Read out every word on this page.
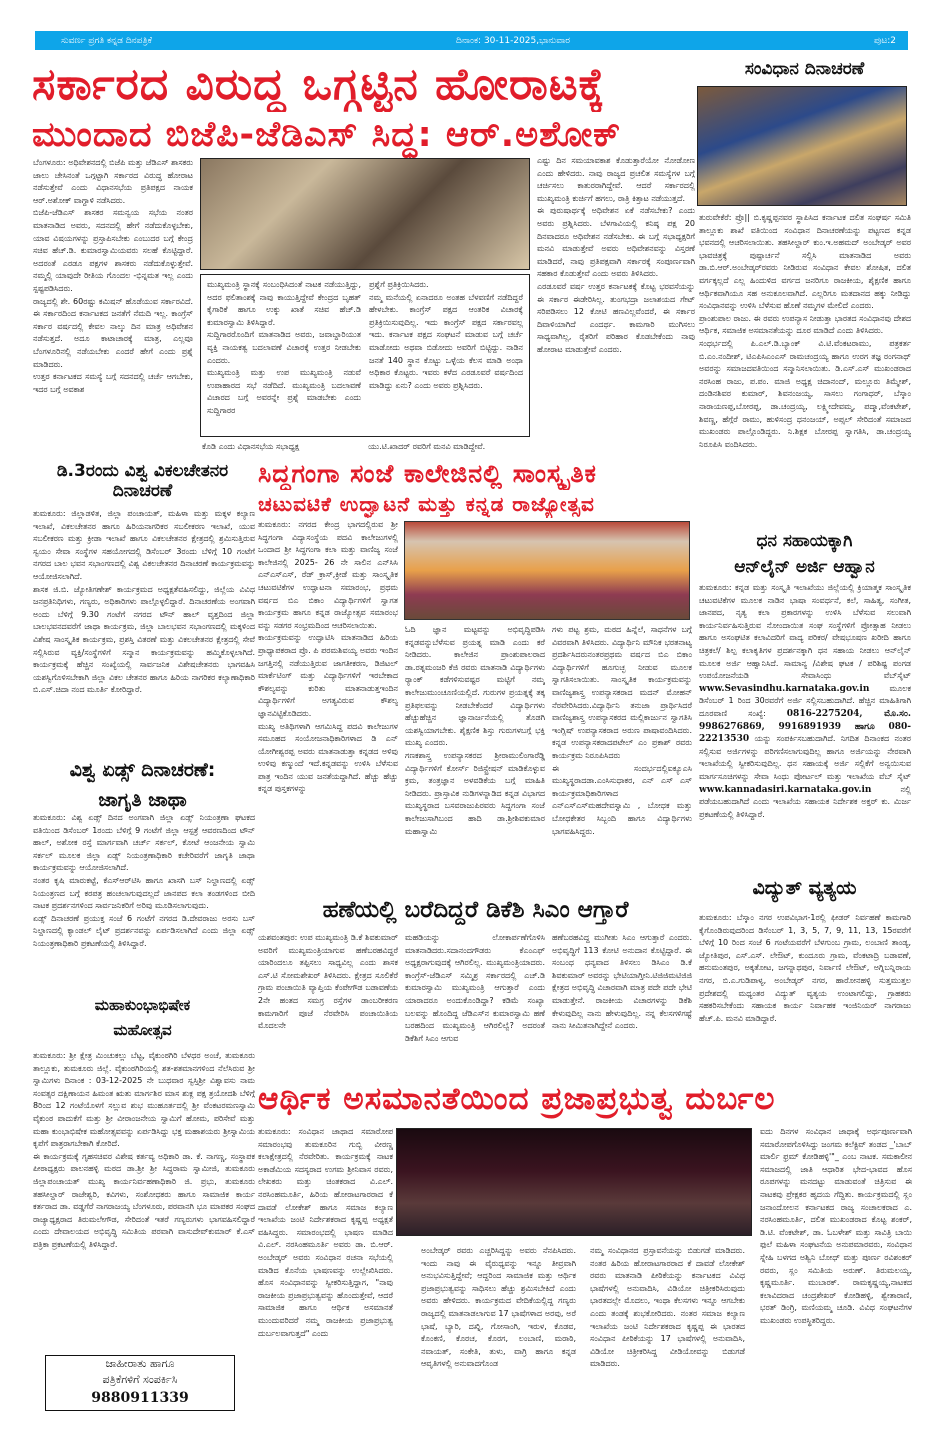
ಸುವರ್ಣ ಪ್ರಗತಿ ಕನ್ನಡ ದಿನಪತ್ರಿಕೆ	ದಿನಾಂಕ: 30-11-2025,ಭಾನುವಾರ	ಪುಟ:2
ಸರ್ಕಾರದ ವಿರುದ್ಧ ಒಗ್ಗಟ್ಟಿನ ಹೋರಾಟಕ್ಕೆ
ಮುಂದಾದ ಬಿಜೆಪಿ-ಜೆಡಿಎಸ್ ಸಿದ್ಧ: ಆರ್.ಅಶೋಕ್

ಬೆಂಗಳೂರು: ಅಧಿವೇಶನದಲ್ಲಿ ಬಿಜೆಪಿ ಮತ್ತು ಜೆಡಿಎಸ್ ಶಾಸಕರು ಜಾಲು ಚೇಸಿನಂತೆ ಒಗ್ಗಟ್ಟಾಗಿ ಸರ್ಕಾರದ ವಿರುದ್ಧ ಹೋರಾಟ ನಡೆಸುತ್ತೇವೆ ಎಂದು ವಿಧಾನಸಭೆಯ ಪ್ರತಿಪಕ್ಷದ ನಾಯಕ ಆರ್.ಅಶೋಕ್ ವಾಗ್ದಾಳಿ ನಡೆಸಿದರು.

ಬಿಜೆಪಿ-ಜೆಡಿಎಸ್ ಶಾಸಕರ ಸಮನ್ವಯ ಸಭೆಯ ನಂತರ ಮಾತನಾಡಿದ ಅವರು, ಸದನದಲ್ಲಿ ಹೇಗೆ ನಡೆದುಕೊಳ್ಳಬೇಕು, ಯಾವ ವಿಷಯಗಳನ್ನು ಪ್ರಸ್ತಾಪಿಸಬೇಕು ಎಂಬುದರ ಬಗ್ಗೆ ಕೇಂದ್ರ ಸಚಿವ ಹೆಚ್.ಡಿ. ಕುಮಾರಸ್ವಾಮಿಯವರು ಸಲಹೆ ಕೊಟ್ಟಿದ್ದಾರೆ. ಅದರಂತೆ ಎರಡೂ ಪಕ್ಷಗಳ ಶಾಸಕರು ನಡೆದುಕೊಳ್ಳುತ್ತೇವೆ. ನಮ್ಮಲ್ಲಿ ಯಾವುದೇ ರೀತಿಯ ಗೊಂದಲ -ಭಿನ್ನಮತ ಇಲ್ಲ ಎಂದು ಸ್ಪಷ್ಟಪಡಿಸಿದರು.

ರಾಜ್ಯದಲ್ಲಿ ಶೇ. 60ರಷ್ಟು ಕಮಿಷನ್ ಹೊಡೆಯುವ ಸರ್ಕಾರವಿದೆ. ಈ ಸರ್ಕಾರದಿಂದ ಕರ್ನಾಟಕದ ಜನತೆಗೆ ನೆಮದಿ ಇಲ್ಲ. ಕಾಂಗ್ರೆಸ್ ಸರ್ಕಾರ ವರ್ಷದಲ್ಲಿ ಕೇವಲ ನಾಲ್ಕು ದಿನ ಮಾತ್ರ ಅಧಿವೇಶನ ನಡೆಸುತ್ತದೆ. ಅದೂ ಕಾಟಾಚಾರಕ್ಕೆ ಮಾತ್ರ, ಎಲ್ಲವೂ ಬೆಂಗಳೂರಿನಲ್ಲಿ ನಡೆಯಬೇಕು ಎಂದರೆ ಹೇಗೆ ಎಂದು ಪ್ರಶ್ನೆ ಮಾಡಿದರು.

ಉತ್ತರ ಕರ್ನಾಟಕದ ಸಮಸ್ಯೆ ಬಗ್ಗೆ ಸದನದಲ್ಲಿ ಚರ್ಚೆ ಆಗಬೇಕು, ಇದರ ಬಗ್ಗೆ ಅವಕಾಶ

ಮುಖ್ಯಮಂತ್ರಿ ಸ್ಥಾನಕ್ಕೆ ಸಂಬಂಧಿಸಿದಂತೆ ನಾಟಕ ನಡೆಯುತ್ತಿದ್ದು, ಅದರ ಫಲಿತಾಂಶಕ್ಕೆ ನಾವು ಕಾಯುತ್ತಿದ್ದೇವೆ ಕೇಂದ್ರದ ಬೃಹತ್ ಕೈಗಾರಿಕೆ ಹಾಗೂ ಉಕ್ಕು ಖಾತೆ ಸಚಿವ ಹೆಚ್.ಡಿ ಕುಮಾರಸ್ವಾಮಿ ತಿಳಿಸಿದ್ದಾರೆ.

ಸುದ್ದಿಗಾರರೊಂದಿಗೆ ಮಾತನಾಡಿದ ಅವರು, ಜವಾಬ್ದಾರಿಯುತ ವ್ಯಕ್ತಿ ನಾಯಕತ್ವ ಬದಲಾವಣೆ ವಿಚಾರಕ್ಕೆ ಉತ್ತರ ನೀಡಬೇಕು ಎಂದರು.

ಮುಖ್ಯಮಂತ್ರಿ ಮತ್ತು ಉಪ ಮುಖ್ಯಮಂತ್ರಿ ನಡುವೆ ಉಪಾಹಾರದ ಸಭೆ ನಡೆದಿದೆ. ಮುಖ್ಯಮಂತ್ರಿ ಬದಲಾವಣೆ ವಿಚಾರದ ಬಗ್ಗೆ ಅವರನ್ನೇ ಪ್ರಶ್ನೆ ಮಾಡಬೇಕು ಎಂದು ಸುದ್ದಿಗಾರರ

ಪ್ರಶ್ನೆಗೆ ಪ್ರತಿಕ್ರಿಯಿಸಿದರು.

ನಮ್ಮ ಮನೆಯಲ್ಲಿ ಏನಾದರೂ ಅಂತಹ ಬೆಳವಣಿಗೆ ನಡೆದಿದ್ದರೆ ಹೇಳಬೇಕು. ಕಾಂಗ್ರೆಸ್ ಪಕ್ಷದ ಆಂತರಿಕ ವಿಚಾರಕ್ಕೆ ಪ್ರತಿಕ್ರಿಯಿಸುವುದಿಲ್ಲ. ಇದು ಕಾಂಗ್ರೆಸ್ ಪಕ್ಷದ ಸರ್ಕಾರವಲ್ಲ ಇದು. ಕರ್ನಾಟಕ ಪಕ್ಷದ ಸಂಘಟನೆ ಮಾಡುವ ಬಗ್ಗೆ ಚರ್ಚೆ ಮಾಡೋದು ಅಥವಾ ಬಿಡೋದು ಅವರಿಗೆ ಬಿಟ್ಟಿದ್ದು. ನಾಡಿನ ಜನತೆ 140 ಸ್ಥಾನ ಕೊಟ್ಟು ಒಳ್ಳೆಯ ಕೆಲಸ ಮಾಡಿ ಅಂಥಾ ಅಧಿಕಾರ ಕೊಟ್ಟರು. ಇವರು ಕಳೆದ ಎರಡೂವರೆ ವರ್ಷದಿಂದ ಮಾಡಿದ್ದು ಏನು? ಎಂದು ಅವರು ಪ್ರಶ್ನಿಸಿದರು.

ಕೊಡಿ ಎಂದು ವಿಧಾನಸಭೆಯ ಸಭಾಧ್ಯಕ್ಷ	ಯು.ಟಿ.ಖಾದರ್ ರವರಿಗೆ ಮನವಿ ಮಾಡಿದ್ದೇವೆ.

ಎಷ್ಟು ದಿನ ಸಮಯಾವಕಾಶ ಕೊಡುತ್ತಾರೆಯೋ ನೋಡೋಣ ಎಂದು ಹೇಳಿದರು. ನಾವು ರಾಜ್ಯದ ಪ್ರಚಲಿತ ಸಮಸ್ಯೆಗಳ ಬಗ್ಗೆ ಚರ್ಚಿಸಲು ಕಾತುರರಾಗಿದ್ದೇವೆ. ಆದರೆ ಸರ್ಕಾರದಲ್ಲಿ ಮುಖ್ಯಮಂತ್ರಿ ಕುರ್ಚಿಗೆ ಹಗಲು, ರಾತ್ರಿ ಕಿತ್ತಾಟ ನಡೆಯುತ್ತದೆ.

ಈ ಪುರುಷಾರ್ಥಕ್ಕೆ ಅಧಿವೇಶನ ಏಕೆ ನಡೆಸಬೇಕು? ಎಂದು ಅವರು ಪ್ರಶ್ನಿಸಿದರು. ಬೆಳಗಾವಿಯಲ್ಲಿ ಕನಿಷ್ಠ ಪಕ್ಷ 20 ದಿನವಾದರೂ ಅಧಿವೇಶನ ನಡೆಸಬೇಕು. ಈ ಬಗ್ಗೆ ಸಭಾಧ್ಯಕ್ಷರಿಗೆ ಮನವಿ ಮಾಡುತ್ತೇವೆ ಅವರು ಅಧಿವೇಶನವನ್ನು ವಿಸ್ತರಣೆ ಮಾಡಿದರೆ, ನಾವು ಪ್ರತಿಪಕ್ಷವಾಗಿ ಸರ್ಕಾರಕ್ಕೆ ಸಂಪೂರ್ಣವಾಗಿ ಸಹಕಾರ ಕೊಡುತ್ತೇವೆ ಎಂದು ಅವರು ತಿಳಿಸಿದರು.

ಎರಡೂವರೆ ವರ್ಷ ಉತ್ತರ ಕರ್ನಾಟಕಕ್ಕೆ ಕೊಟ್ಟ ಭರವಸೆಯನ್ನು ಈ ಸರ್ಕಾರ ಈಡೇರಿಸಿಲ್ಲ. ತುಂಗಭದ್ರಾ ಜಲಾಶಯದ ಗೇಟ್ ಸರಿಪಡಿಸಲು 12 ಕೋಟಿ ಹಣವಿಲ್ಲವೆಂದರೆ, ಈ ಸರ್ಕಾರ ದಿವಾಳಿಯಾಗಿದೆ ಎಂದರ್ಥ. ಕಾಮಗಾರಿ ಮುಗಿಸಲು ಸಾಧ್ಯವಾಗಿಲ್ಲ, ರೈತರಿಗೆ ಪರಿಹಾರ ಕೊಡಬೇಕೆಂದು ನಾವು ಹೋರಾಟ ಮಾಡುತ್ತೇವೆ ಎಂದರು.

ಸಂವಿಧಾನ ದಿನಾಚರಣೆ

ತುರುವೇಕೆರೆ: ಪ್ರೊ|| ಬಿ.ಕೃಷ್ಣಪ್ಪನವರ ಸ್ಥಾಪಿಸಿದ ಕರ್ನಾಟಕ ದಲಿತ ಸಂಘರ್ಷ ಸಮಿತಿ ತಾಲ್ಲೂಕು ಶಾಖೆ ವತಿಯಿಂದ ಸಂವಿಧಾನ ದಿನಾಚರಣೆಯನ್ನು ಪಟ್ಟಣದ ಕನ್ನಡ ಭವನದಲ್ಲಿ ಆಚರಿಸಲಾಯಿತು. ತಹಸೀಲ್ದಾರ್ ಕುಂ.ಇ.ಅಹಮದ್ ಅಂಬೇಡ್ಕರ್ ಅವರ ಭಾವಚಿತ್ರಕ್ಕೆ ಪುಷ್ಪಾರ್ಚನೆ ಸಲ್ಲಿಸಿ ಮಾತನಾಡಿದ ಅವರು ಡಾ.ಬಿ.ಆರ್.ಅಂಬೇಡ್ಕರ್‌ರವರು ನೀಡಿರುವ ಸಂವಿಧಾನ ಕೇವಲ ಶೋಷಿತ, ದಲಿತ ವರ್ಗಕ್ಕಲ್ಲದೆ ಎಲ್ಲ ಹಿಂದುಳಿದ ವರ್ಗದ ಜನರಿಗೂ ರಾಜಕೀಯ, ಶೈಕ್ಷಣಿಕ ಹಾಗೂ ಆರ್ಥಿಕವಾಗಿಯೂ ಸಹ ಅನುಕೂಲವಾಗಿದೆ. ಎಲ್ಲರಿಗೂ ಮತದಾನದ ಹಕ್ಕು ನೀಡಿದ್ದು ಸಂವಿಧಾನವನ್ನು ಉಳಿಸಿ ಬೆಳೆಸುವ ಹೊಣೆ ನಮ್ಮಗಳ ಮೇಲಿದೆ ಎಂದರು.

ಪ್ರಾಂಶುಪಾಲ ರಾಜು. ಈ ರವರು ಉಪನ್ಯಾಸ ನೀಡುತ್ತಾ ಭಾರತದ ಸಂವಿಧಾನವು ದೇಶದ ಆರ್ಥಿಕ, ಸಮಾಜಿಕ ಅಸಮಾನತೆಯನ್ನು ದೂರ ಮಾಡಿದೆ ಎಂದು ತಿಳಿಸಿದರು.

ಸಂಧರ್ಭದಲ್ಲಿ ಪಿ.ಎಲ್.ಡಿ.ಬ್ಯಾಂಕ್ ವಿ.ಟಿ.ವೆಂಕಟರಾಮು, ಪತ್ರಕರ್ತ ಬಿ.ಎಂ.ನಂದೀಶ್, ಟಿಎಪಿಸಿಎಂಎಸ್ ರಾಮಚಂದ್ರಯ್ಯ ಹಾಗೂ ಉರಗ ತಜ್ಞ ರಂಗನಾಥ್ ಅವರನ್ನು ಸಮಾಜದವತಿಯಿಂದ ಸನ್ಮಾನಿಸಲಾಯಿತು. ಡಿ.ಎಸ್.ಎಸ್ ಮುಖಂಡರಾದ ನರಸಿಂಹ ರಾಜು, ಪ.ಪಂ. ಮಾಜಿ ಅಧ್ಯಕ್ಷ ಚಿದಾನಂದ್, ಮಲ್ಲೂರು ತಿಮ್ಮೇಶ್, ದಂಡಿನಶಿವರ ಕುಮಾರ್, ಶಿವನಂಜಯ್ಯ, ಸಾಸಲು ಗಂಗಾಧರ್, ಬೆಸ್ಕಾಂ ನಾರಾಯಣಪ್ಪ,ಬೋರಪ್ಪ, ಡಾ.ಚಂದ್ರಯ್ಯ, ಲಕ್ಷ್ಮೀದೇವಮ್ಮ, ಪದ್ಮಾ,ವೆಂಕಟೇಶ್, ಶಿವಣ್ಣ, ಹೆಗ್ಗೆರೆ ರಾಮು, ಹುಳಿಸಂದ್ರ ಧನಂಜಯ್, ಅಪ್ಸಲ್ ಸೇರಿದಂತೆ ಸಮಾಜದ ಮುಖಂಡರು ಪಾಲ್ಗೊಂಡಿದ್ದರು. ನಿ.ಶಿಕ್ಷಕ ಬೋರಪ್ಪ ಸ್ವಾಗತಿಸಿ, ಡಾ.ಚಂದ್ರಯ್ಯ ನಿರೂಪಿಸಿ ವಂದಿಸಿದರು.

ಡಿ.3ರಂದು ವಿಶ್ವ ವಿಕಲಚೇತನರ
ದಿನಾಚರಣೆ

ತುಮಕೂರು: ಜಿಲ್ಲಾಡಳಿತ, ಜಿಲ್ಲಾ ಪಂಚಾಯತ್, ಮಹಿಳಾ ಮತ್ತು ಮಕ್ಕಳ ಕಲ್ಯಾಣ ಇಲಾಖೆ, ವಿಕಲಚೇತನರ ಹಾಗೂ ಹಿರಿಯನಾಗರಿಕರ ಸಬಲೀಕರಣ ಇಲಾಖೆ, ಯುವ ಸಬಲೀಕರಣ ಮತ್ತು ಕ್ರೀಡಾ ಇಲಾಖೆ ಹಾಗೂ ವಿಕಲಚೇತನರ ಕ್ಷೇತ್ರದಲ್ಲಿ ಶ್ರಮಿಸುತ್ತಿರುವ ಸ್ವಯಂ ಸೇವಾ ಸಂಸ್ಥೆಗಳ ಸಹಯೋಗದಲ್ಲಿ ಡಿಸೆಂಬರ್ 3ರಂದು ಬೆಳಿಗ್ಗೆ 10 ಗಂಟೆಗೆ ನಗರದ ಬಾಲ ಭವನ ಸಭಾಂಗಣದಲ್ಲಿ ವಿಶ್ವ ವಿಕಲಚೇತನರ ದಿನಾಚರಣೆ ಕಾರ್ಯಕ್ರಮವನ್ನು ಆಯೋಜಿಸಲಾಗಿದೆ.

ಶಾಸಕ ಜಿ.ಬಿ. ಜ್ಯೋತಿಗಣೇಶ್ ಕಾರ್ಯಕ್ರಮದ ಅಧ್ಯಕ್ಷತೆವಹಿಸಲಿದ್ದು, ಜಿಲ್ಲೆಯ ವಿವಿಧ ಜನಪ್ರತಿನಿಧಿಗಳು, ಗಣ್ಯರು, ಅಧಿಕಾರಿಗಳು ಪಾಲ್ಗೊಳ್ಳಲಿದ್ದಾರೆ. ದಿನಾಚರಣೆಯ ಅಂಗವಾಗಿ ಅಂದು ಬೆಳಿಗ್ಗೆ 9.30 ಗಂಟೆಗೆ ನಗರದ ಟೌನ್ ಹಾಲ್ ವೃತ್ತದಿಂದ ಜಿಲ್ಲಾ ಬಾಲಭವನದವರೆಗೆ ಜಾಥಾ ಕಾರ್ಯಕ್ರಮ, ಜಿಲ್ಲಾ ಬಾಲಭವನ ಸಭಾಂಗಣದಲ್ಲಿ ಮಕ್ಕಳಿಂದ ವಿಶೇಷ ಸಾಂಸ್ಕೃತಿಕ ಕಾರ್ಯಕ್ರಮ, ಪ್ರಶಸ್ತಿ ವಿತರಣೆ ಮತ್ತು ವಿಕಲಚೇತನರ ಕ್ಷೇತ್ರದಲ್ಲಿ ಸೇವೆ ಸಲ್ಲಿಸಿರುವ ವ್ಯಕ್ತಿ/ಸಂಸ್ಥೆಗಳಿಗೆ ಸನ್ಮಾನ ಕಾರ್ಯಕ್ರಮವನ್ನು ಹಮ್ಮಿಕೊಳ್ಳಲಾಗಿದೆ. ಕಾರ್ಯಕ್ರಮಕ್ಕೆ ಹೆಚ್ಚಿನ ಸಂಖ್ಯೆಯಲ್ಲಿ ಸಾರ್ವಜನಿಕ ವಿಶೇಷಚೇತನರು ಭಾಗವಹಿಸಿ ಯಶಸ್ವಿಗೊಳಿಸಬೇಕಾಗಿ ಜಿಲ್ಲಾ ವಿಕಲ ಚೇತನರ ಹಾಗೂ ಹಿರಿಯ ನಾಗರಿಕರ ಕಲ್ಯಾಣಾಧಿಕಾರಿ ಬಿ.ಎಸ್.ಚಿದಾ ನಂದ ಮೂರ್ತಿ ಕೋರಿದ್ದಾರೆ.

ವಿಶ್ವ ಏಡ್ಸ್ ದಿನಾಚರಣೆ:
ಜಾಗೃತಿ ಜಾಥಾ

ತುಮಕೂರು: ವಿಶ್ವ ಏಡ್ಸ್ ದಿನದ ಅಂಗವಾಗಿ ಜಿಲ್ಲಾ ಏಡ್ಸ್ ನಿಯಂತ್ರಣಾ ಘಟಕದ ವತಿಯಿಂದ ಡಿಸೆಂಬರ್ 1ರಂದು ಬೆಳಿಗ್ಗೆ 9 ಗಂಟೆಗೆ ಜಿಲ್ಲಾ ಆಸ್ಪತ್ರೆ ಆವರಣದಿಂದ ಟೌನ್ ಹಾಲ್, ಅಶೋಕ ರಸ್ತೆ ಮಾರ್ಗವಾಗಿ ಚರ್ಚ್ ಸರ್ಕಲ್, ಕೋಟೆ ಆಂಜನೇಯ ಸ್ವಾಮಿ ಸರ್ಕಲ್ ಮೂಲಕ ಜಿಲ್ಲಾ ಏಡ್ಸ್ ನಿಯಂತ್ರಣಾಧಿಕಾರಿ ಕಚೇರಿವರೆಗೆ ಜಾಗೃತಿ ಜಾಥಾ ಕಾರ್ಯಕ್ರಮವನ್ನು ಆಯೋಜಿಸಲಾಗಿದೆ.

ನಂತರ ಕೃಷಿ ಮಾರುಕಟ್ಟೆ, ಕೆಎಸ್‌ಆರ್‌ಟಿಸಿ ಹಾಗೂ ಖಾಸಗಿ ಬಸ್ ನಿಲ್ದಾಣದಲ್ಲಿ ಏಡ್ಸ್ ನಿಯಂತ್ರಣದ ಬಗ್ಗೆ ಕರಪತ್ರ ಹಂಚಲಾಗುವುದಲ್ಲದೆ ಜಾನಪದ ಕಲಾ ತಂಡಗಳಿಂದ ಬೀದಿ ನಾಟಕ ಪ್ರದರ್ಶನಗಳಿಂದ ಸಾರ್ವಜನಿಕರಿಗೆ ಅರಿವು ಮೂಡಿಸಲಾಗುವುದು.

ಏಡ್ಸ್ ದಿನಾಚರಣೆ ಪ್ರಯುಕ್ತ ಸಂಜೆ 6 ಗಂಟೆಗೆ ನಗರದ ಡಿ.ದೇವರಾಜು ಅರಸು ಬಸ್ ನಿಲ್ದಾಣದಲ್ಲಿ ಕ್ಯಾಂಡಲ್ ಲೈಟ್ ಪ್ರದರ್ಶನವನ್ನು ಏರ್ಪಡಿಸಲಾಗಿದೆ ಎಂದು ಜಿಲ್ಲಾ ಏಡ್ಸ್ ನಿಯಂತ್ರಣಾಧಿಕಾರಿ ಪ್ರಕಟಣೆಯಲ್ಲಿ ತಿಳಿಸಿದ್ದಾರೆ.

ಮಹಾಕುಂಭಾಭಿಷೇಕ
ಮಹೋತ್ಸವ

ತುಮಕೂರು: ಶ್ರೀ ಕ್ಷೇತ್ರ ಮಿಂಚುಕಲ್ಲು ಬೆಟ್ಟ, ವೈಕುಂಠಗಿರಿ ಬೆಳಧರ ಅಂಚೆ, ತುಮಕೂರು ತಾಲ್ಲೂಕು, ತುಮಕೂರು ಜಿಲ್ಲೆ. ವೈಕುಂಠಗಿರಿಯಲ್ಲಿ ಶತ-ಶತಮಾನಗಳಿಂದ ನೆಲೆಸಿರುವ ಶ್ರೀ ಸ್ವಾಮಿಗಳು ದಿನಾಂಕ : 03-12-2025 ನೇ ಬುಧವಾರ ಸ್ವಸ್ತಿಶ್ರೀ ವಿಶ್ವಾವಸು ನಾಮ ಸಂವತ್ಸರ ದಕ್ಷಿಣಾಯನ ಹಿಮಂತ ಋತು ಮಾರ್ಗಶಿರ ಮಾಸ ಶುಕ್ಲ ಪಕ್ಷ ತ್ರಯೋದಶಿ ಬೆಳಿಗ್ಗೆ 8ರಿಂದ 12 ಗಂಟೆಯೊಳಗೆ ಸಲ್ಲುವ ಶುಭ ಮುಹೂರ್ತದಲ್ಲಿ ಶ್ರೀ ವೆಂಕಟರಮಣಸ್ವಾಮಿ ವೈಕುಂಠ ಪಾದುಕೆಗೆ ಮತ್ತು ಶ್ರೀ ವೀರಾಂಜನೇಯ ಸ್ವಾಮಿಗೆ ಹೋಮ, ಪರಿಸೇವೆ ಮತ್ತು ಮಹಾ ಕುಂಭಾಭಿಷೇಕ ಮಹೋತ್ಸವವನ್ನು ಏರ್ಪಡಿಸಿದ್ದು ಭಕ್ತ ಮಹಾಶಯರು ಶ್ರೀಸ್ವಾಮಿಯ ಕೃಪೆಗೆ ಪಾತ್ರರಾಗಬೇಕಾಗಿ ಕೋರಿದೆ.

ಈ ಕಾರ್ಯಕ್ರಮಕ್ಕೆ ಗೃಹಸಚಿವರ ವಿಶೇಷ ಕರ್ತವ್ಯ ಅಧಿಕಾರಿ ಡಾ. ಕೆ. ನಾಗಣ್ಣ, ಸಂಸ್ಥಾಪಕ ಪೀಠಾಧ್ಯಕ್ಷರು ಪಾಲನಹಳ್ಳಿ ಮಠದ ಡಾ.ಶ್ರೀ ಶ್ರೀ ಸಿದ್ಧರಾಮ ಸ್ವಾಮೀಜಿ, ತುಮಕೂರು ಜಿಲ್ಲಾಪಂಚಾಯತ್ ಮುಖ್ಯ ಕಾರ್ಯನಿರ್ವಹಣಾಧಿಕಾರಿ ಜಿ. ಪ್ರಭು, ತುಮಕೂರು ತಹಸೀಲ್ದಾರ್ ರಾಜೇಶ್ವರಿ, ಕವಿಗಳು, ಸಂಶೋಧಕರು ಹಾಗೂ ಸಾಮಾಜಿಕ ಕಾರ್ಯ ಕರ್ತರಾದ ಡಾ. ವಡ್ಡಗೆರೆ ನಾಗರಾಜಯ್ಯ ಬೆಂಗಳೂರು, ಪರವಾನಗಿ ಭೂ ಮಾಪಕರ ಸಂಘದ ರಾಜ್ಯಾಧ್ಯಕ್ಷರಾದ ತಿರುಮಲೇಗೌಡ, ಸೇರಿದಂತೆ ಇತರೆ ಗಣ್ಯರುಗಳು ಭಾಗವಹಿಸಲಿದ್ದಾರೆ ಎಂದು ದೇವಾಲಯದ ಅಭಿವೃದ್ಧಿ ಸಮಿತಿಯ ಪರವಾಗಿ ವಾಸುದೇವ್‌ಕುಮಾರ್ ಕೆ.ಎಸ್ ಪತ್ರಿಕಾ ಪ್ರಕಟಣೆಯಲ್ಲಿ ತಿಳಿಸಿದ್ದಾರೆ.

ಜಾಹೀರಾತು ಹಾಗೂ
ಪತ್ರಿಕೆಗಳಿಗೆ ಸಂಪರ್ಕಿಸಿ
9880911339
ಸಿದ್ಧಗಂಗಾ ಸಂಜೆ ಕಾಲೇಜಿನಲ್ಲಿ ಸಾಂಸ್ಕೃತಿಕ
ಚಟುವಟಿಕೆ ಉದ್ಘಾಟನೆ ಮತ್ತು ಕನ್ನಡ ರಾಜ್ಯೋತ್ಸವ

ತುಮಕೂರು: ನಗರದ ಕೇಂದ್ರ ಭಾಗದಲ್ಲಿರುವ ಶ್ರೀ ಸಿದ್ಧಗಂಗಾ ವಿದ್ಯಾಸಂಸ್ಥೆಯ ಪದವಿ ಕಾಲೇಜುಗಳಲ್ಲಿ ಒಂದಾದ ಶ್ರೀ ಸಿದ್ಧಗಂಗಾ ಕಲಾ ಮತ್ತು ವಾಣಿಜ್ಯ ಸಂಜೆ ಕಾಲೇಜಿನಲ್ಲಿ 2025- 26 ನೇ ಸಾಲಿನ ಎನ್‌ಸಿಸಿ ಎನ್‌ಎಸ್‌ಎಸ್, ರೆಡ್ ಕ್ರಾಸ್,ಕ್ರೀಡೆ ಮತ್ತು ಸಾಂಸ್ಕೃತಿಕ ಚಟುವಟಿಕೆಗಳ ಉದ್ಘಾಟನಾ ಸಮಾರಂಭ, ಪ್ರಥಮ ವರ್ಷದ ಬಿಎ ಬಿಕಾಂ ವಿದ್ಯಾರ್ಥಿಗಳಿಗೆ ಸ್ವಾಗತ ಕಾರ್ಯಕ್ರಮ ಹಾಗೂ ಕನ್ನಡ ರಾಜ್ಯೋತ್ಸವ ಸಮಾರಂಭ ವನ್ನು ಸಡಗರ ಸಂಭ್ರಮದಿಂದ ಆಚರಿಸಲಾಯಿತು.

ಕಾರ್ಯಕ್ರಮವನ್ನು ಉದ್ಘಾಟಿಸಿ ಮಾತನಾಡಿದ ಹಿರಿಯ ಪ್ರಾಧ್ಯಾಪಕರಾದ ಪ್ರೊ. ಪಿ ಪರಮಶಿವಯ್ಯ ಅವರು ಇಂದಿನ ಜಗತ್ತಿನಲ್ಲಿ ನಡೆಯುತ್ತಿರುವ ಜಾಗತೀಕರಣ, ಡಿಜಿಟಲ್ ಮಾರ್ಕೆಟಿಂಗ್ ಮತ್ತು ವಿದ್ಯಾರ್ಥಿಗಳಿಗೆ ಇರಬೇಕಾದ ಕೌಶಲ್ಯವನ್ನು ಕುರಿತು ಮಾತನಾಡುತ್ತಇಂದಿನ ವಿದ್ಯಾರ್ಥಿಗಳಿಗೆ ಅಗತ್ಯವಿರುವ ಕೌಶಲ್ಯ ಜ್ಞಾನವಿಟ್ಟಿಕೊಡಿದರು.

ಮುಖ್ಯ ಅತಿಥಿಗಳಾಗಿ ಆಗಮಿಸಿದ್ದ ಪದವಿ ಕಾಲೇಜುಗಳ ಸಮೂಹದ ಸಂಯೋಜನಾಧಿಕಾರಿಗಳಾದ ಡಿ ಎನ್ ಯೋಗೀಶ್ವರಪ್ಪ ಅವರು ಮಾತನಾಡುತ್ತಾ ಕನ್ನಡದ ಅಳಿವು ಉಳಿವು ಕಣ್ಮುಂದೆ ಇದೆ.ಕನ್ನಡವನ್ನು ಉಳಿಸಿ ಬೆಳೆಸುವ ಪಾತ್ರ ಇಂದಿನ ಯುವ ಜನತೆಯದ್ದಾಗಿದೆ. ಹೆಚ್ಚು ಹೆಚ್ಚು ಕನ್ನಡ ಪುಸ್ತಕಗಳನ್ನು

ಓದಿ ಜ್ಞಾನ ಮಟ್ಟವನ್ನು ಅಭಿವೃದ್ಧಿಪಡಿಸಿ ಕನ್ನಡವನ್ನುಬೆಳೆಸುವ ಪ್ರಯತ್ನ ಮಾಡಿ ಎಂದು ಕರೆ ನೀಡಿದರು. ಕಾಲೇಜಿನ ಪ್ರಾಂಶುಪಾಲರಾದ ಡಾ.ರತ್ನಮಂಜರಿ ಕೆಜಿ ರವರು ಮಾತನಾಡಿ ವಿದ್ಯಾರ್ಥಿಗಳು ರ‍್ಯಾಂಕ್ ಕಡೆಗಳಿಸುವಷ್ಟರ ಮಟ್ಟಿಗೆ ನಮ್ಮ ಕಾಲೇಜುಮುಂಚೂಣಿಯಲ್ಲಿದೆ. ಗುರುಗಳ ಪ್ರಯತ್ನಕ್ಕೆ ತಕ್ಕ ಪ್ರತಿಫಲವನ್ನು ನೀಡಬೇಕೆಂದರೆ ವಿದ್ಯಾರ್ಥಿಗಳು ಹೆಚ್ಚುಹೆಚ್ಚಿನ ಜ್ಞಾನಾರ್ಜನೆಯಲ್ಲಿ ತೊಡಗಿ ಯಶಸ್ವಿಯಾಗಬೇಕು. ಶೈಕ್ಷಣಿಕ ಶಿಸ್ತು ಗುರುಗಳಬಗ್ಗೆ ಭಕ್ತಿ ಮುಖ್ಯ ಎಂದರು.

ಗಣಕಶಾಸ್ತ್ರ ಉಪನ್ಯಾಸಕರದ ಶ್ರೀರಾಮುಲಿಂಗಾರೆಡ್ಡಿ ವಿದ್ಯಾರ್ಥಿಗಳಿಗೆ ಕೋರ್ಸ್ ರಿಜಿಸ್ಟ್ರೇಷನ್ ಮಾಡಿಕೊಳ್ಳುವ ಕ್ರಮ, ತಂತ್ರಜ್ಞಾನ ಅಳವಡಿಕೆಯ ಬಗ್ಗೆ ಮಾಹಿತಿ ನೀಡಿದರು. ಪ್ರಾಸ್ತಾವಿಕ ನುಡಿಗಳನ್ನಾಡಿದ ಕನ್ನಡ ವಿಭಾಗದ ಮುಖ್ಯಸ್ಥರಾದ ಬಸವರಾಜುಪಿರವರು ಸಿದ್ದಗಂಗಾ ಸಂಜೆ ಕಾಲೇಜುಸಾಗಿಬಂದ ಹಾದಿ ಡಾ.ಶ್ರೀಶಿವಕುಮಾರ ಮಹಾಸ್ವಾಮಿ

ಗಳು ಪಟ್ಟ ಶ್ರಮ, ಮಠದ ಹಿನ್ನೆಲೆ, ಸಾಧನೆಗಳ ಬಗ್ಗೆ ವಿವರವಾಗಿ ತಿಳಿಸಿದರು. ವಿದ್ಯಾರ್ಥಿನಿ ಮೌನಿಕ ಭರತನಾಟ್ಯ ಪ್ರದರ್ಶಿಸಿದರುನಂತರಪ್ರಥಮ ವರ್ಷದ ಬಿಎ ಬಿಕಾಂ ವಿದ್ಯಾರ್ಥಿಗಳಿಗೆ ಹೂಗುಚ್ಛ ನೀಡುವ ಮೂಲಕ ಸ್ವಾಗತಿಸಲಾಯಿತು. ಸಾಂಸ್ಕೃತಿಕ ಕಾರ್ಯಕ್ರಮವನ್ನು ವಾಣಿಜ್ಯಶಾಸ್ತ್ರ ಉಪನ್ಯಾಸಕರಾದ ಮದನ್ ಮೋಹನ್ ನೆರವೇರಿಸಿದರು.ವಿದ್ಯಾರ್ಥಿನಿ ತನುಜಾ ಪ್ರಾರ್ಥಿಸಿದರೆ ವಾಣಿಜ್ಯಶಾಸ್ತ್ರ ಉಪನ್ಯಾಸಕರದ ಮಲ್ಲಿಕಾರ್ಜುನ ಸ್ವಾಗತಿಸಿ ಇಂಗ್ಲಿಷ್ ಉಪನ್ಯಾಸಕರಾದ ಅರುಣ ಪಾಷಾವಂದಿಸಿದರು. ಕನ್ನಡ ಉಪನ್ಯಾಸಕರಾದಪಟೇಲ್ ಎಂ ಪ್ರಕಾಶ್ ರವರು ಕಾರ್ಯಕ್ರಮ ನಿರೂಪಿಸಿದರು

ಈ ಸಂದರ್ಭದಲ್ಲಿಐಕ್ಯೂಎಸಿ ಮುಖ್ಯಸ್ಥರಾದಡಾ.ಎಂಸಿಸುಧಾಕರ, ಎನ್ ಎಸ್ ಎಸ್ ಕಾರ್ಯಕ್ರಮಾಧಿಕಾರಿಗಳಾದ ಎನ್‌ಎಸ್‌ಎಸ್‌ಮಹದೇವಸ್ವಾಮಿ , ಬೋಧಕ ಮತ್ತು ಬೋಧಕೇತರ ಸಿಬ್ಬಂದಿ ಹಾಗೂ ವಿದ್ಯಾರ್ಥಿಗಳು ಭಾಗವಹಿಸಿದ್ದರು.

ಹಣೆಯಲ್ಲಿ ಬರೆದಿದ್ದರೆ ಡಿಕೆಶಿ ಸಿಎಂ ಆಗ್ತಾರೆ
ಯಶವಂತಪುರ: ಉಪ ಮುಖ್ಯಮಂತ್ರಿ ಡಿ.ಕೆ ಶಿವಕುಮಾರ್ ಅವರಿಗೆ ಮುಖ್ಯಮಂತ್ರಿಯಾಗುವ ಹಣೆಬರಹವಿದ್ದರೆ ಯಾರಿಂದಲೂ ತಪ್ಪಿಸಲು ಸಾಧ್ಯವಿಲ್ಲ ಎಂದು ಶಾಸಕ ಎಸ್.ಟಿ ಸೋಮಶೇಖರ್ ತಿಳಿಸಿದರು. ಕ್ಷೇತ್ರದ ಸೂಲಿಕೆರೆ ಗ್ರಾಮ ಪಂಚಾಯಿತಿ ವ್ಯಾಪ್ತಿಯ ಕೆಂಪೇಗೌಡ ಬಡಾವಣೆಯ 2ನೇ ಹಂತದ ಸಮಗ್ರ ರಸ್ತೆಗಳ ಡಾಂಬರೀಕರಣ ಕಾಮಗಾರಿಗೆ ಪೂಜೆ ನೆರವೇರಿಸಿ ಪಂಚಾಯಿತಿಯ ಮೊದಲನೇ
ಮಹಡಿಯನ್ನು ಲೋಕಾರ್ಪಣೆಗೊಳಿಸಿ ಮಾತನಾಡಿದರು.ಸದಾನಂದಗೌಡರು ಕೆಎಂಎಫ್ ಅಧ್ಯಕ್ಷರಾಗುವುದಕ್ಕೆ ಆಗಿರಲಿಲ್ಲ. ಮುಖ್ಯಮಂತ್ರಿಯಾದರು. ಕಾಂಗ್ರೆಸ್-ಜೆಡಿಎಸ್ ಸಮ್ಮಿಶ್ರ ಸರ್ಕಾರದಲ್ಲಿ ಎಚ್.ಡಿ ಕುಮಾರಸ್ವಾಮಿ ಮುಖ್ಯಮಂತ್ರಿ ಆಗುತ್ತಾರೆ ಎಂದು ಯಾರಾದರೂ ಅಂದುಕೊಂಡಿದ್ದಾ? ಕಡಿಮೆ ಸಂಖ್ಯಾ ಬಲವನ್ನು ಹೊಂದಿದ್ದ ಜೆಡಿಎಸ್‌ನ ಕುಮಾರಸ್ವಾಮಿ ಹಣೆ ಬರಹದಿಂದ ಮುಖ್ಯಮಂತ್ರಿ ಆಗಿರಲಿಲ್ವೆ? ಅದರಂತೆ ಡಿಕೆಶಿಗೆ ಸಿಎಂ ಆಗುವ
ಹಣೆಬರಹವಿದ್ದ ಮುಗೀತು ಸಿಎಂ ಆಗುತ್ತಾರೆ ಎಂದರು. ಅಭಿವೃದ್ಧಿಗೆ 113 ಕೋಟಿ ಅನುದಾನ ಕೊಟ್ಟಿದ್ದಾರೆ. ಈ ಸಂಬಂಧ ಧನ್ಯವಾದ ತಿಳಿಸಲು ಡಿಸಿಎಂ ಡಿ.ಕೆ ಶಿವಕುಮಾರ್ ಅವರನ್ನು ಭೇಟಿಯಾಗ್ತೀನಿ.ಟಿಜಿಜಿಮಟಿಜಿಜಿ ಕ್ಷೇತ್ರದ ಅಭಿವೃದ್ಧಿ ವಿಚಾರವಾಗಿ ಮಾತ್ರ ಪದೇ ಪದೇ ಭೇಟಿ ಮಾಡುತ್ತೇನೆ. ರಾಜಕೀಯ ವಿಚಾರಗಳನ್ನು ಡಿಕೆಶಿ ಕೇಳುವುದಿಲ್ಲ ನಾನು ಹೇಳುವುದಿಲ್ಲ. ನನ್ನ ಕೆಲಸಗಳಿಗಷ್ಟೆ ನಾನು ಸೀಮಿತನಾಗಿದ್ದೇನೆ ಎಂದರು.
ಧನ ಸಹಾಯಕ್ಕಾಗಿ
ಆನ್‌ಲೈನ್ ಅರ್ಜಿ ಆಹ್ವಾನ
ತುಮಕೂರು: ಕನ್ನಡ ಮತ್ತು ಸಂಸ್ಕೃತಿ ಇಲಾಖೆಯು ಜಿಲ್ಲೆಯಲ್ಲಿ ಕ್ರಿಯಾತ್ಮಕ ಸಾಂಸ್ಕೃತಿಕ ಚಟುವಟಿಕೆಗಳ ಮೂಲಕ ನಾಡಿನ ಭಾಷಾ ಸಂವರ್ಧನೆ, ಕಲೆ, ಸಾಹಿತ್ಯ, ಸಂಗೀತ, ಜಾನಪದ, ನೃತ್ಯ ಕಲಾ ಪ್ರಕಾರಗಳನ್ನು ಉಳಿಸಿ ಬೆಳೆಸುವ ಸಲುವಾಗಿ ಕಾರ್ಯನಿರ್ವಹಿಸುತ್ತಿರುವ ನೋಂದಾಯಿತ ಸಂಘ ಸಂಸ್ಥೆಗಳಿಗೆ ಪ್ರೋತ್ಸಾಹ ನೀಡಲು ಹಾಗೂ ಅಸಂಘಟಿತ ಕಲಾವಿದರಿಗೆ ವಾದ್ಯ ಪರಿಕರ/ ವೇಷಭೂಷಣ ಖರೀದಿ ಹಾಗೂ ಚಿತ್ರಕಲೆ/ ಶಿಲ್ಪ ಕಲಾಕೃತಿಗಳ ಪ್ರದರ್ಶನಕ್ಕಾಗಿ ಧನ ಸಹಾಯ ನೀಡಲು ಆನ್‌ಲೈನ್ ಮೂಲಕ ಅರ್ಜಿ ಆಹ್ವಾನಿಸಿದೆ. ಸಾಮಾನ್ಯ /ವಿಶೇಷ ಘಟಕ / ಪರಿಶಿಷ್ಟ ಪಂಗಡ ಉಪಯೋಜನೆಯಡಿ ಸೇವಾಸಿಂಧು ವೆಬ್‌ಸೈಟ್ www.Sevasindhu.karnataka.gov.in	ಮೂಲಕ ಡಿಸೆಂಬರ್ 1 ರಿಂದ 30ರವರೆಗೆ ಅರ್ಜಿ ಸಲ್ಲಿಸಬಹುದಾಗಿದೆ. ಹೆಚ್ಚಿನ ಮಾಹಿತಿಗಾಗಿ ದೂರವಾಣಿ ಸಂಖ್ಯೆ: 0816-2275204, ಮೊ.ಸಂ. 9986276869, 9916891939 ಹಾಗೂ 080-22213530 ಯನ್ನು ಸಂಪರ್ಕಿಸಬಹುದಾಗಿದೆ. ನಿಗದಿತ ದಿನಾಂಕದ ನಂತರ ಸಲ್ಲಿಸುವ ಅರ್ಜಿಗಳನ್ನು ಪರಿಗಣಿಸಲಾಗುವುದಿಲ್ಲ ಹಾಗೂ ಅರ್ಜಿಯನ್ನು ನೇರವಾಗಿ ಇಲಾಖೆಯಲ್ಲಿ ಸ್ವೀಕರಿಸುವುದಿಲ್ಲ. ಧನ ಸಹಾಯಕ್ಕೆ ಅರ್ಜಿ ಸಲ್ಲಿಕೆಗೆ ಅನ್ವಯಿಸುವ ಮಾರ್ಗಸೂಚಿಗಳನ್ನು ಸೇವಾ ಸಿಂಧು ಪೋರ್ಟಲ್ ಮತ್ತು ಇಲಾಖೆಯ ವೆಬ್ ಸೈಟ್ www.kannadasiri.karnataka.gov.in	ನಲ್ಲಿ ಪಡೆಯಬಹುದಾಗಿದೆ ಎಂದು ಇಲಾಖೆಯ ಸಹಾಯಕ ನಿರ್ದೇಶಕ ಅಕ್ತರ್ ಕು. ಮಿರ್ಜ ಪ್ರಕಟಣೆಯಲ್ಲಿ ತಿಳಿಸಿದ್ದಾರೆ.
ವಿದ್ಯುತ್ ವ್ಯತ್ಯಯ
ತುಮಕೂರು: ಬೆಸ್ಕಾಂ ನಗರ ಉಪವಿಭಾಗ-1ರಲ್ಲಿ ಫೀಡರ್ ನಿರ್ವಹಣೆ ಕಾಮಗಾರಿ ಕೈಗೊಂಡಿರುವುದರಿಂದ ಡಿಸೆಂಬರ್ 1, 3, 5, 7, 9, 11, 13, 15ರವರೆಗೆ ಬೆಳಿಗ್ಗೆ 10 ರಿಂದ ಸಂಜೆ 6 ಗಂಟೆಯವರೆಗೆ ಬೆಳಗುಂಬ ಗ್ರಾಮ, ಲಂಬಾಣಿ ತಾಂಡ್ಯ, ಜ್ಯೋತಿಪುರ, ಎಸ್.ಎಸ್. ಲೇಔಟ್, ಕುಂದೂರು ಗ್ರಾಮ, ವೆಂಕಟಾದ್ರಿ ಬಡಾವಣೆ, ಹನುಮಂತಪುರ, ಅಕ್ಕತೋಟ, ಜಗನ್ನಾಥಪುರ, ನಿರ್ವಾಣಿ ಲೇಔಟ್, ಅಗ್ನಿಬನ್ನಿರಾಯ ನಗರ, ಬಿ.ಎ.ಗುಡಿಪಾಳ್ಯ, ಅಂಬೇಡ್ಕರ್ ನಗರ, ಹಾರೋನಹಳ್ಳಿ ಸುತ್ತಮುತ್ತಲ ಪ್ರದೇಶದಲ್ಲಿ ಮಧ್ಯಂತರ ವಿದ್ಯುತ್ ವ್ಯತ್ಯಯ ಉಂಟಾಗಲಿದ್ದು, ಗ್ರಾಹಕರು ಸಹಕರಿಸಬೇಕೆಂದು ಸಹಾಯಕ ಕಾರ್ಯ ನಿರ್ವಾಹಕ ಇಂಜಿನಿಯರ್ ನಾಗರಾಜು ಹೆಚ್.ಪಿ. ಮನವಿ ಮಾಡಿದ್ದಾರೆ.
ಆರ್ಥಿಕ ಅಸಮಾನತೆಯಿಂದ ಪ್ರಜಾಪ್ರಭುತ್ವ ದುರ್ಬಲ
ತುಮಕೂರು: ಸಂವಿಧಾನ ಜಾಥಾದ ಸಮಾರೋಪ ಸಮಾರಂಭವು ತುಮಕೂರಿನ ಗುಬ್ಬಿ ವೀರಣ್ಣ ಕಲಾಕ್ಷೇತ್ರದಲ್ಲಿ ನೆರವೇರಿತು. ಕಾರ್ಯಕ್ರಮಕ್ಕೆ ನಾಟಕ ಅಕಾಡೆಮಿಯ ಸದಸ್ಯರಾದ ಉಗಮ ಶ್ರೀನಿವಾಸ ರವರು, ಲೇಖಕರು ಮತ್ತು ಚಿಂತಕರಾದ ವಿ.ಎಲ್. ನರಸಿಂಹಮೂರ್ತಿ, ಹಿರಿಯ ಹೋರಾಟಗಾರರಾದ ಕೆ ದಾವಡೆ ಲೋಕೇಶ್ ಹಾಗೂ ಸಮಾಜ ಕಲ್ಯಾಣ ಇಲಾಖೆಯ ಜಂಟಿ ನಿರ್ದೇಶಕರಾದ ಕೃಷ್ಣಪ್ಪ ಅಧ್ಯಕ್ಷತೆ ವಹಿಸಿದ್ದರು. ಸಮಾರಂಭದಲ್ಲಿ ಭಾಷಣ ಮಾಡಿದ ವಿ.ಎಲ್. ನರಸಿಂಹಮೂರ್ತಿ ಅವರು ಡಾ. ಬಿ.ಆರ್. ಅಂಬೇಡ್ಕರ್ ಅವರು ಸಂವಿಧಾನ ರಚನಾ ಸಭೆಯಲ್ಲಿ ಮಾಡಿದ ಕೊನೆಯ ಭಾಷಣವನ್ನು ಉಲ್ಲೇಖಿಸಿದರು. ಹೊಸ ಸಂವಿಧಾನವನ್ನು ಸ್ವೀಕರಿಸುತ್ತಿದ್ದಾಗ, "ನಾವು ರಾಜಕೀಯ ಪ್ರಜಾಪ್ರಭುತ್ವವನ್ನು ಹೊಂದುತ್ತೇವೆ, ಆದರೆ ಸಾಮಾಜಿಕ ಹಾಗೂ ಆರ್ಥಿಕ ಅಸಮಾನತೆ ಮುಂದುವರಿದರೆ ನಮ್ಮ ರಾಜಕೀಯ ಪ್ರಜಾಪ್ರಭುತ್ವ ದುರ್ಬಲವಾಗುತ್ತದೆ" ಎಂದು
ಅಂಬೇಡ್ಕರ್ ರವರು ಎಚ್ಚರಿಸಿದ್ದನ್ನು ಅವರು ನೆನಪಿಸಿದರು. ಇಂದು ನಾವು ಈ ವೈರುಧ್ಯವನ್ನು ಇನ್ನೂ ತೀವ್ರವಾಗಿ ಅನುಭವಿಸುತ್ತಿದ್ದೇವೆ; ಆದ್ದರಿಂದ ಸಾಮಾಜಿಕ ಮತ್ತು ಆರ್ಥಿಕ ಪ್ರಜಾಪ್ರಭುತ್ವವನ್ನು ಸಾಧಿಸಲು ಹೆಚ್ಚು ಶ್ರಮಿಸಬೇಕಿದೆ ಎಂದು ಅವರು ಹೇಳಿದರು. ಕಾರ್ಯಕ್ರಮದ ವೇದಿಕೆಯಲ್ಲಿದ್ದ ಗಣ್ಯರು ರಾಜ್ಯದಲ್ಲಿ ಮಾತನಾಡಲಾಗುವ 17 ಭಾಷೆಗಳಾದ ಅರವು, ಅರೆ ಭಾಷೆ, ಬ್ಯಾರಿ, ದಖ್ನಿ, ಗೋಸಾಂಗಿ, ಇರುಳ, ಕೊಡವ, ಕೊಂಕಣಿ, ಕೊರಚ, ಕೊರಗ, ಲಂಬಾಣಿ, ಮರಾಠಿ, ನವಾಯತ್, ಸಂಕೇತಿ, ತುಳು, ವಾಗ್ರಿ ಹಾಗೂ ಕನ್ನಡ ಆವೃತಿಗಳಲ್ಲಿ ಅನುವಾದಗೊಂಡ
ನಮ್ಮ ಸಂವಿಧಾನದ ಪ್ರಸ್ತಾವನೆಯನ್ನು ಬಿಡುಗಡೆ ಮಾಡಿದರು. ನಂತರ ಹಿರಿಯ ಹೋರಾಟಗಾರರಾದ ಕೆ ದಾವಡೆ ಲೋಕೇಶ್ ರವರು ಮಾತನಾಡಿ ಪೀಠಿಕೆಯನ್ನು ಕರ್ನಾಟಕದ ವಿವಿಧ ಭಾಷೆಗಳಲ್ಲಿ ಅನುವಾದಿಸಿ, ವಿಡಿಯೋ ಚಿತ್ರೀಕರಿಸಿರುವುದು ಭಾರತದಲ್ಲೇ ಮೊದಲು, ಇಂಥಾ ಕೆಲಸಗಳು ಇನ್ನೂ ಆಗಬೇಕು ಎಂದು ತಂಡಕ್ಕೆ ಶುಭಕೋರಿದರು. ನಂತರ ಸಮಾಜ ಕಲ್ಯಾಣ ಇಲಾಖೆಯ ಜಂಟಿ ನಿರ್ದೇಶಕರಾದ ಕೃಷ್ಣಪ್ಪ ಈ ಭಾರತದ ಸಂವಿಧಾನ ಪೀಠಿಕೆಯನ್ನು 17 ಭಾಷೆಗಳಲ್ಲಿ ಅನುವಾದಿಸಿ, ವಿಡಿಯೋ ಚಿತ್ರೀಕರಿಸಿದ್ದ ವೀಡಿಯೋವನ್ನು ಬಿಡುಗಡೆ ಮಾಡಿದರು.
ಐದು ದಿನಗಳ ಸಂವಿಧಾನ ಜಾಥಾಕ್ಕೆ ಅರ್ಥಪೂರ್ಣವಾಗಿ ಸಮಾರೋಪಗೊಳಿಸಿದ್ದು ಜಂಗಮ ಕಲೆಕ್ಟಿವ್ ತಂಡದ _'ಬಾಬ್ ಮಾರ್ಲಿ ಫ್ರಮ್ ಕೋಡಿಹಳ್ಳಿ'"_ ಎಂಬ ನಾಟಕ. ಸಮಕಾಲೀನ ಸಮಾಜದಲ್ಲಿ ಜಾತಿ ಆಧಾರಿತ ಭೇದ-ಭಾವದ ಹೊಸ ರೂಪಗಳನ್ನು ಮನದಟ್ಟು ಮಾಡುವಂತೆ ಚಿತ್ರಿಸುವ ಈ ನಾಟಕವು ಪ್ರೇಕ್ಷಕರ ಹೃದಯ ಗೆದ್ದಿತು. ಕಾರ್ಯಕ್ರಮದಲ್ಲಿ ಸ್ಲಂ ಜನಾಂದೋಲನ ಕರ್ನಾಟಕದ ರಾಜ್ಯ ಸಂಚಾಲಕರಾದ ಎ. ನರಸಿಂಹಮೂರ್ತಿ, ದಲಿತ ಮುಖಂಡರಾದ ಕೊಟ್ಟ ಶಂಕರ್, ಡಿ.ಟಿ. ವೆಂಕಟೇಶ್, ಡಾ. ಓಬಳೇಶ್ ಮತ್ತು ಸಾವಿತ್ರಿ ಬಾಯಿ ಫುಲೆ ಮಹಿಳಾ ಸಂಘಟನೆಯ ಅನುಪಮಾರವರು, ಸಂವಿಧಾನ ಸ್ನೇಹಿ ಬಳಗದ ಅಶ್ವಿನಿ ಬೋಧ್ ಮತ್ತು ಪೂರ್ಣ ರವಿಶಂಕರ್ ರವರು, ಸ್ಲಂ ಸಮಿತಿಯ ಅರುಣ್. ತಿರುಮಲಯ್ಯ, ಕೃಷ್ಣಮೂರ್ತಿ. ಮುಬಾರಕ್. ರಾಮಕೃಷ್ಣಯ್ಯ,ನಾಟಕದ ಕಲಾವಿದರಾದ ಚಂದ್ರಶೇಖರ್ ಕೋಡಿಹಳ್ಳಿ, ಶ್ವೇತಾರಾಣಿ, ಭರತ್ ಡಿಂಗ್ರಿ, ಮಣಿಯಮ್ಮ ಚೂಡಿ. ವಿವಿಧ ಸಂಘಟನೆಗಳ ಮುಖಂಡರು ಉಪಸ್ಥಿತರಿದ್ದರು.
